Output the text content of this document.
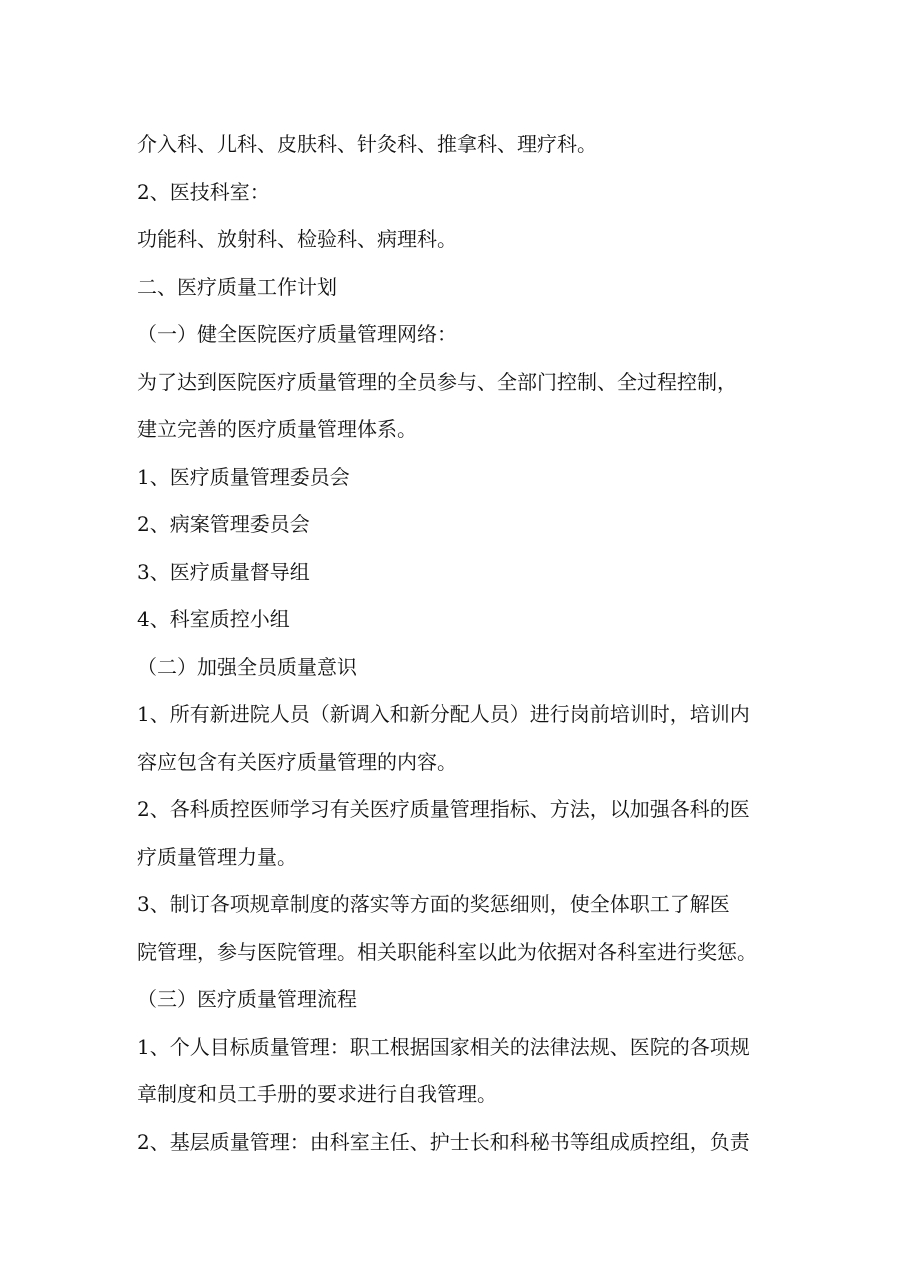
介入科、儿科、皮肤科、针灸科、推拿科、理疗科。
2、医技科室：
功能科、放射科、检验科、病理科。
二、医疗质量工作计划
（一）健全医院医疗质量管理网络：
为了达到医院医疗质量管理的全员参与、全部门控制、全过程控制，
建立完善的医疗质量管理体系。
1、医疗质量管理委员会
2、病案管理委员会
3、医疗质量督导组
4、科室质控小组
（二）加强全员质量意识
1、所有新进院人员（新调入和新分配人员）进行岗前培训时，培训内
容应包含有关医疗质量管理的内容。
2、各科质控医师学习有关医疗质量管理指标、方法，以加强各科的医
疗质量管理力量。
3、制订各项规章制度的落实等方面的奖惩细则，使全体职工了解医
院管理，参与医院管理。相关职能科室以此为依据对各科室进行奖惩。
（三）医疗质量管理流程
1、个人目标质量管理：职工根据国家相关的法律法规、医院的各项规
章制度和员工手册的要求进行自我管理。
2、基层质量管理：由科室主任、护士长和科秘书等组成质控组，负责
